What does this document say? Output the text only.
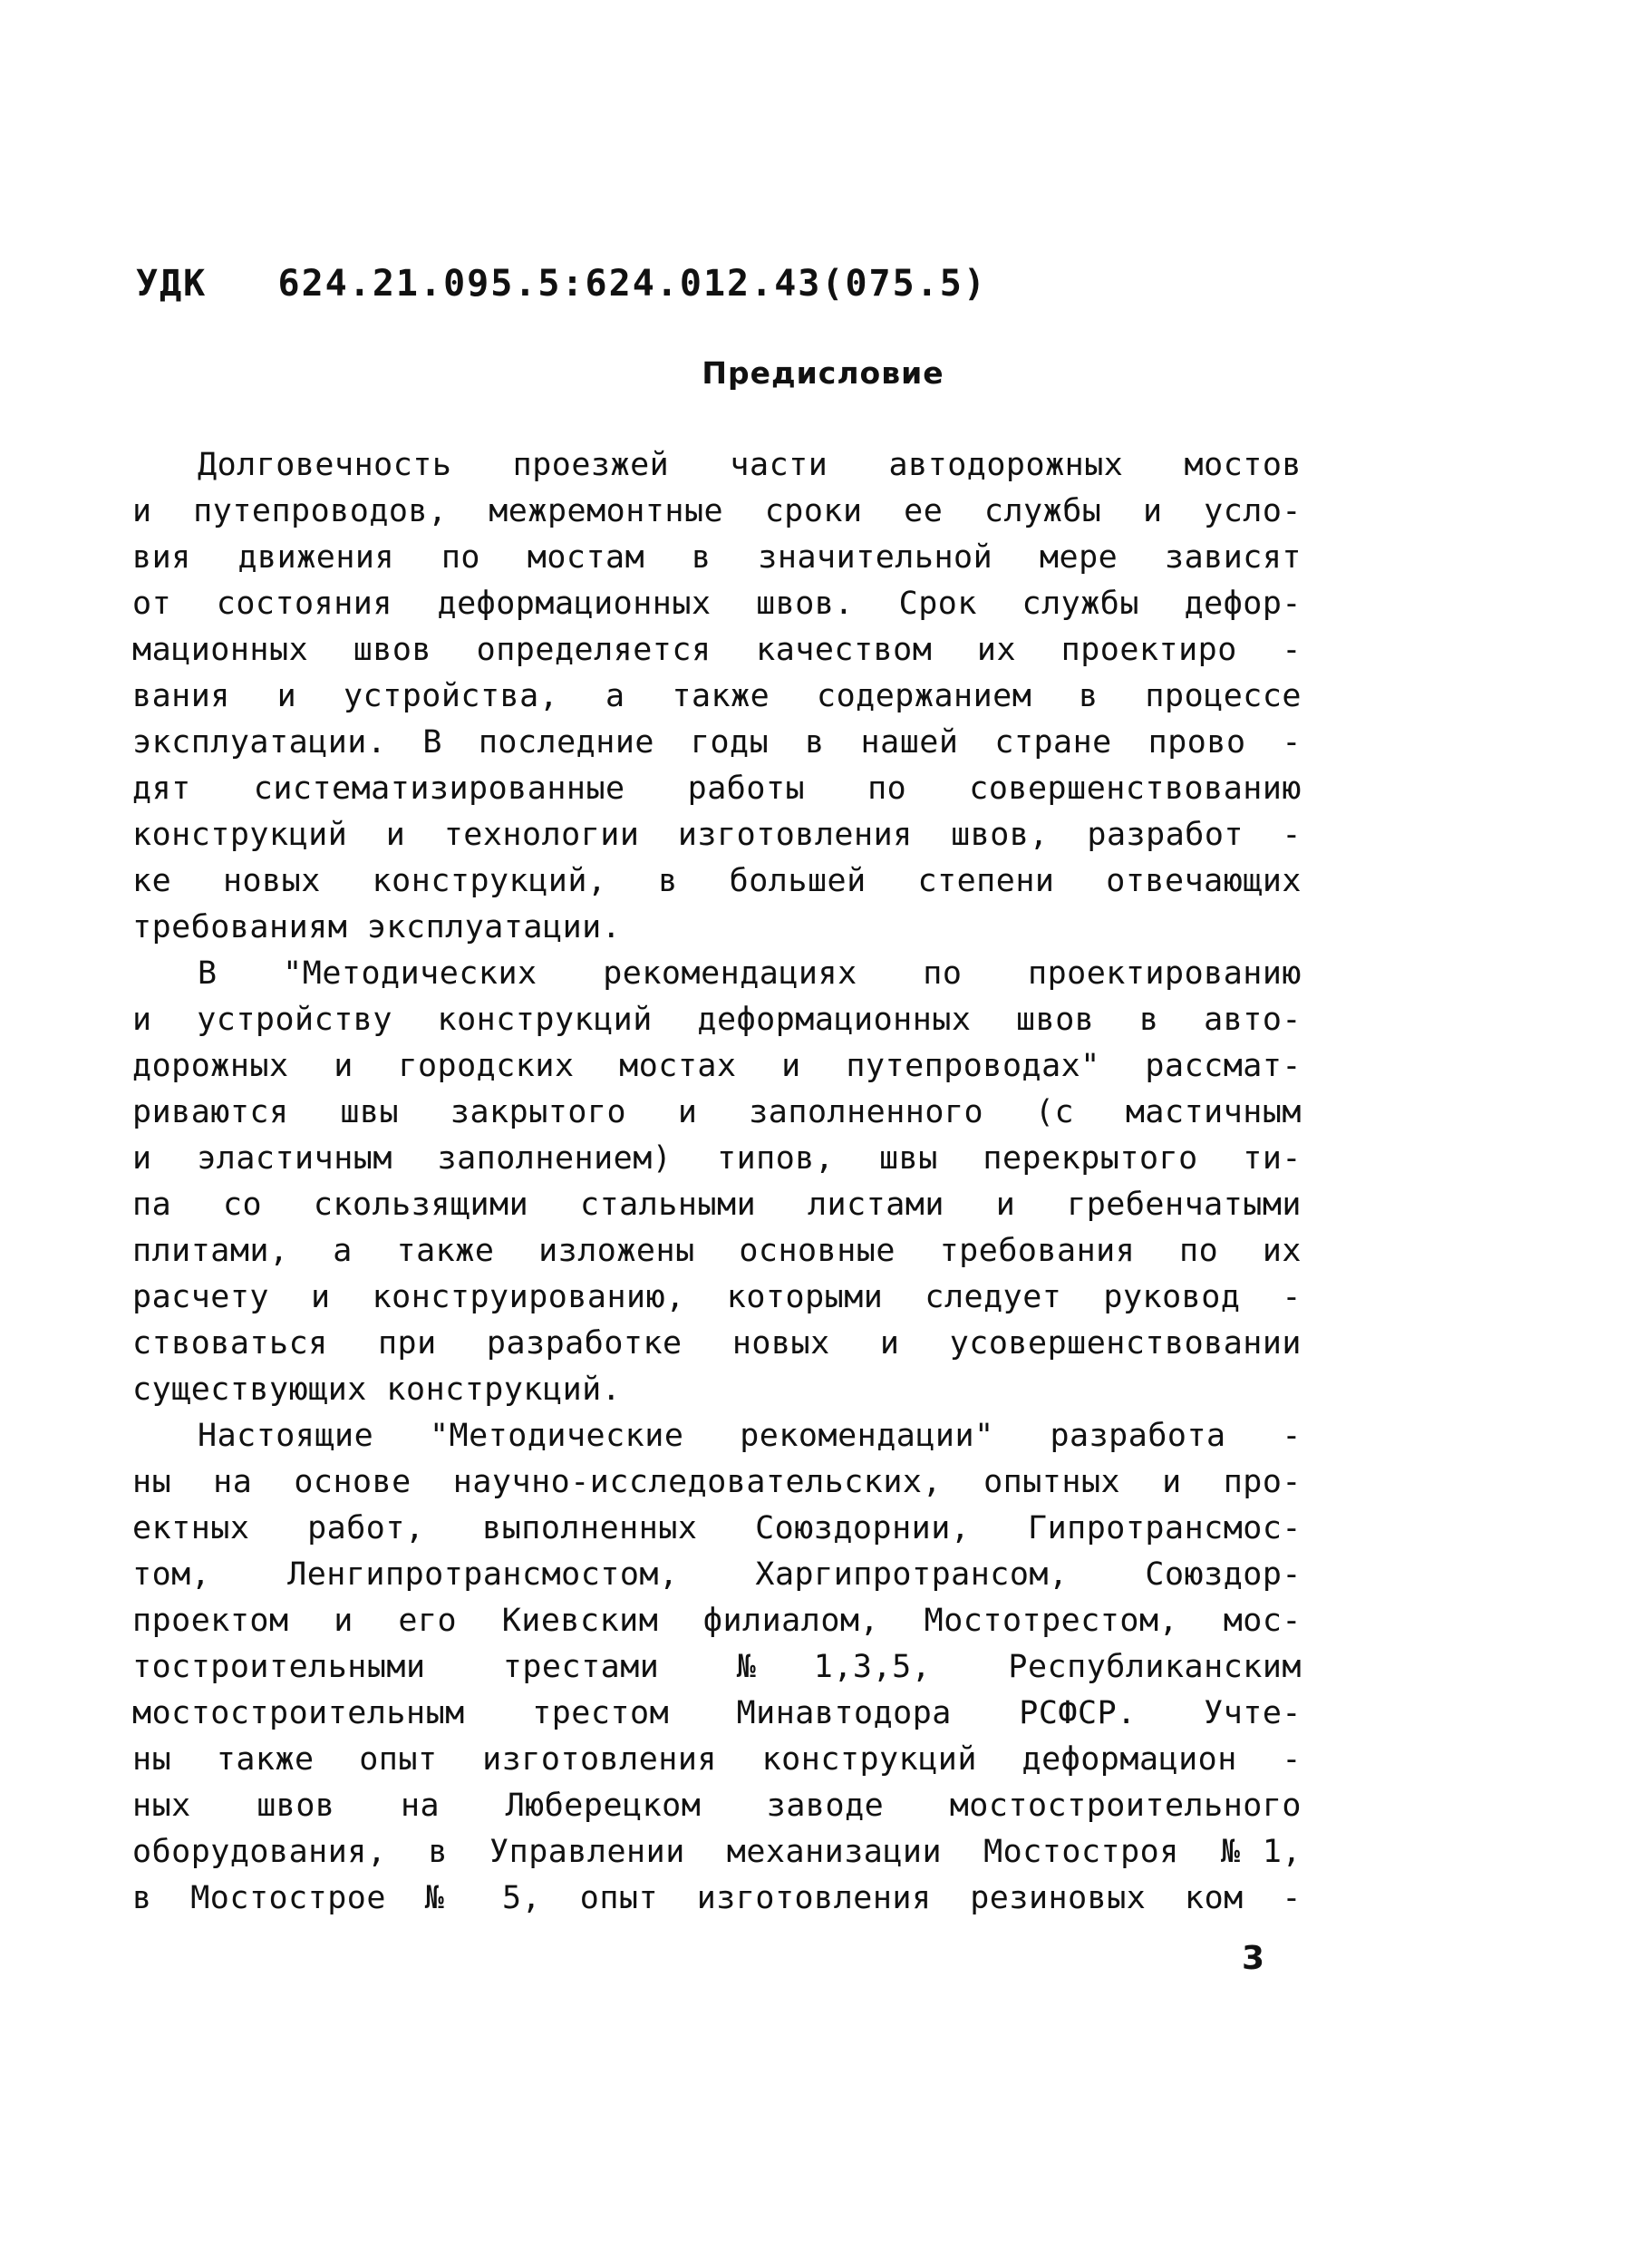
УДК   624.21.095.5:624.012.43(075.5)
Предисловие
Долговечность проезжей части автодорожных мостов
и путепроводов, межремонтные сроки ее службы и усло-
вия движения по мостам в значительной мере зависят
от состояния деформационных швов. Срок службы дефор-
мационных швов определяется качеством их проектиро -
вания и устройства, а также содержанием в процессе
эксплуатации. В последние годы в нашей стране прово -
дят систематизированные работы по совершенствованию
конструкций и технологии изготовления швов, разработ -
ке новых конструкций, в большей степени отвечающих
требованиям эксплуатации.
В "Методических рекомендациях по проектированию
и устройству конструкций деформационных швов в авто-
дорожных и городских мостах и путепроводах" рассмат-
риваются швы закрытого и заполненного (с мастичным
и эластичным заполнением) типов, швы перекрытого ти-
па со скользящими стальными листами и гребенчатыми
плитами, а также изложены основные требования по их
расчету и конструированию, которыми следует руковод -
ствоваться при разработке новых и усовершенствовании
существующих конструкций.
Настоящие "Методические рекомендации" разработа -
ны на основе научно-исследовательских, опытных и про-
ектных работ, выполненных Союздорнии, Гипротрансмос-
том, Ленгипротрансмостом, Харгипротрансом, Союздор-
проектом и его Киевским филиалом, Мостотрестом, мос-
тостроительными трестами №1,3,5, Республиканским
мостостроительным трестом Минавтодора РСФСР. Учте-
ны также опыт изготовления конструкций деформацион -
ных швов на Люберецком заводе мостостроительного
оборудования, в Управлении механизации Мостостроя №1,
в Мостострое № 5, опыт изготовления резиновых ком -
3
